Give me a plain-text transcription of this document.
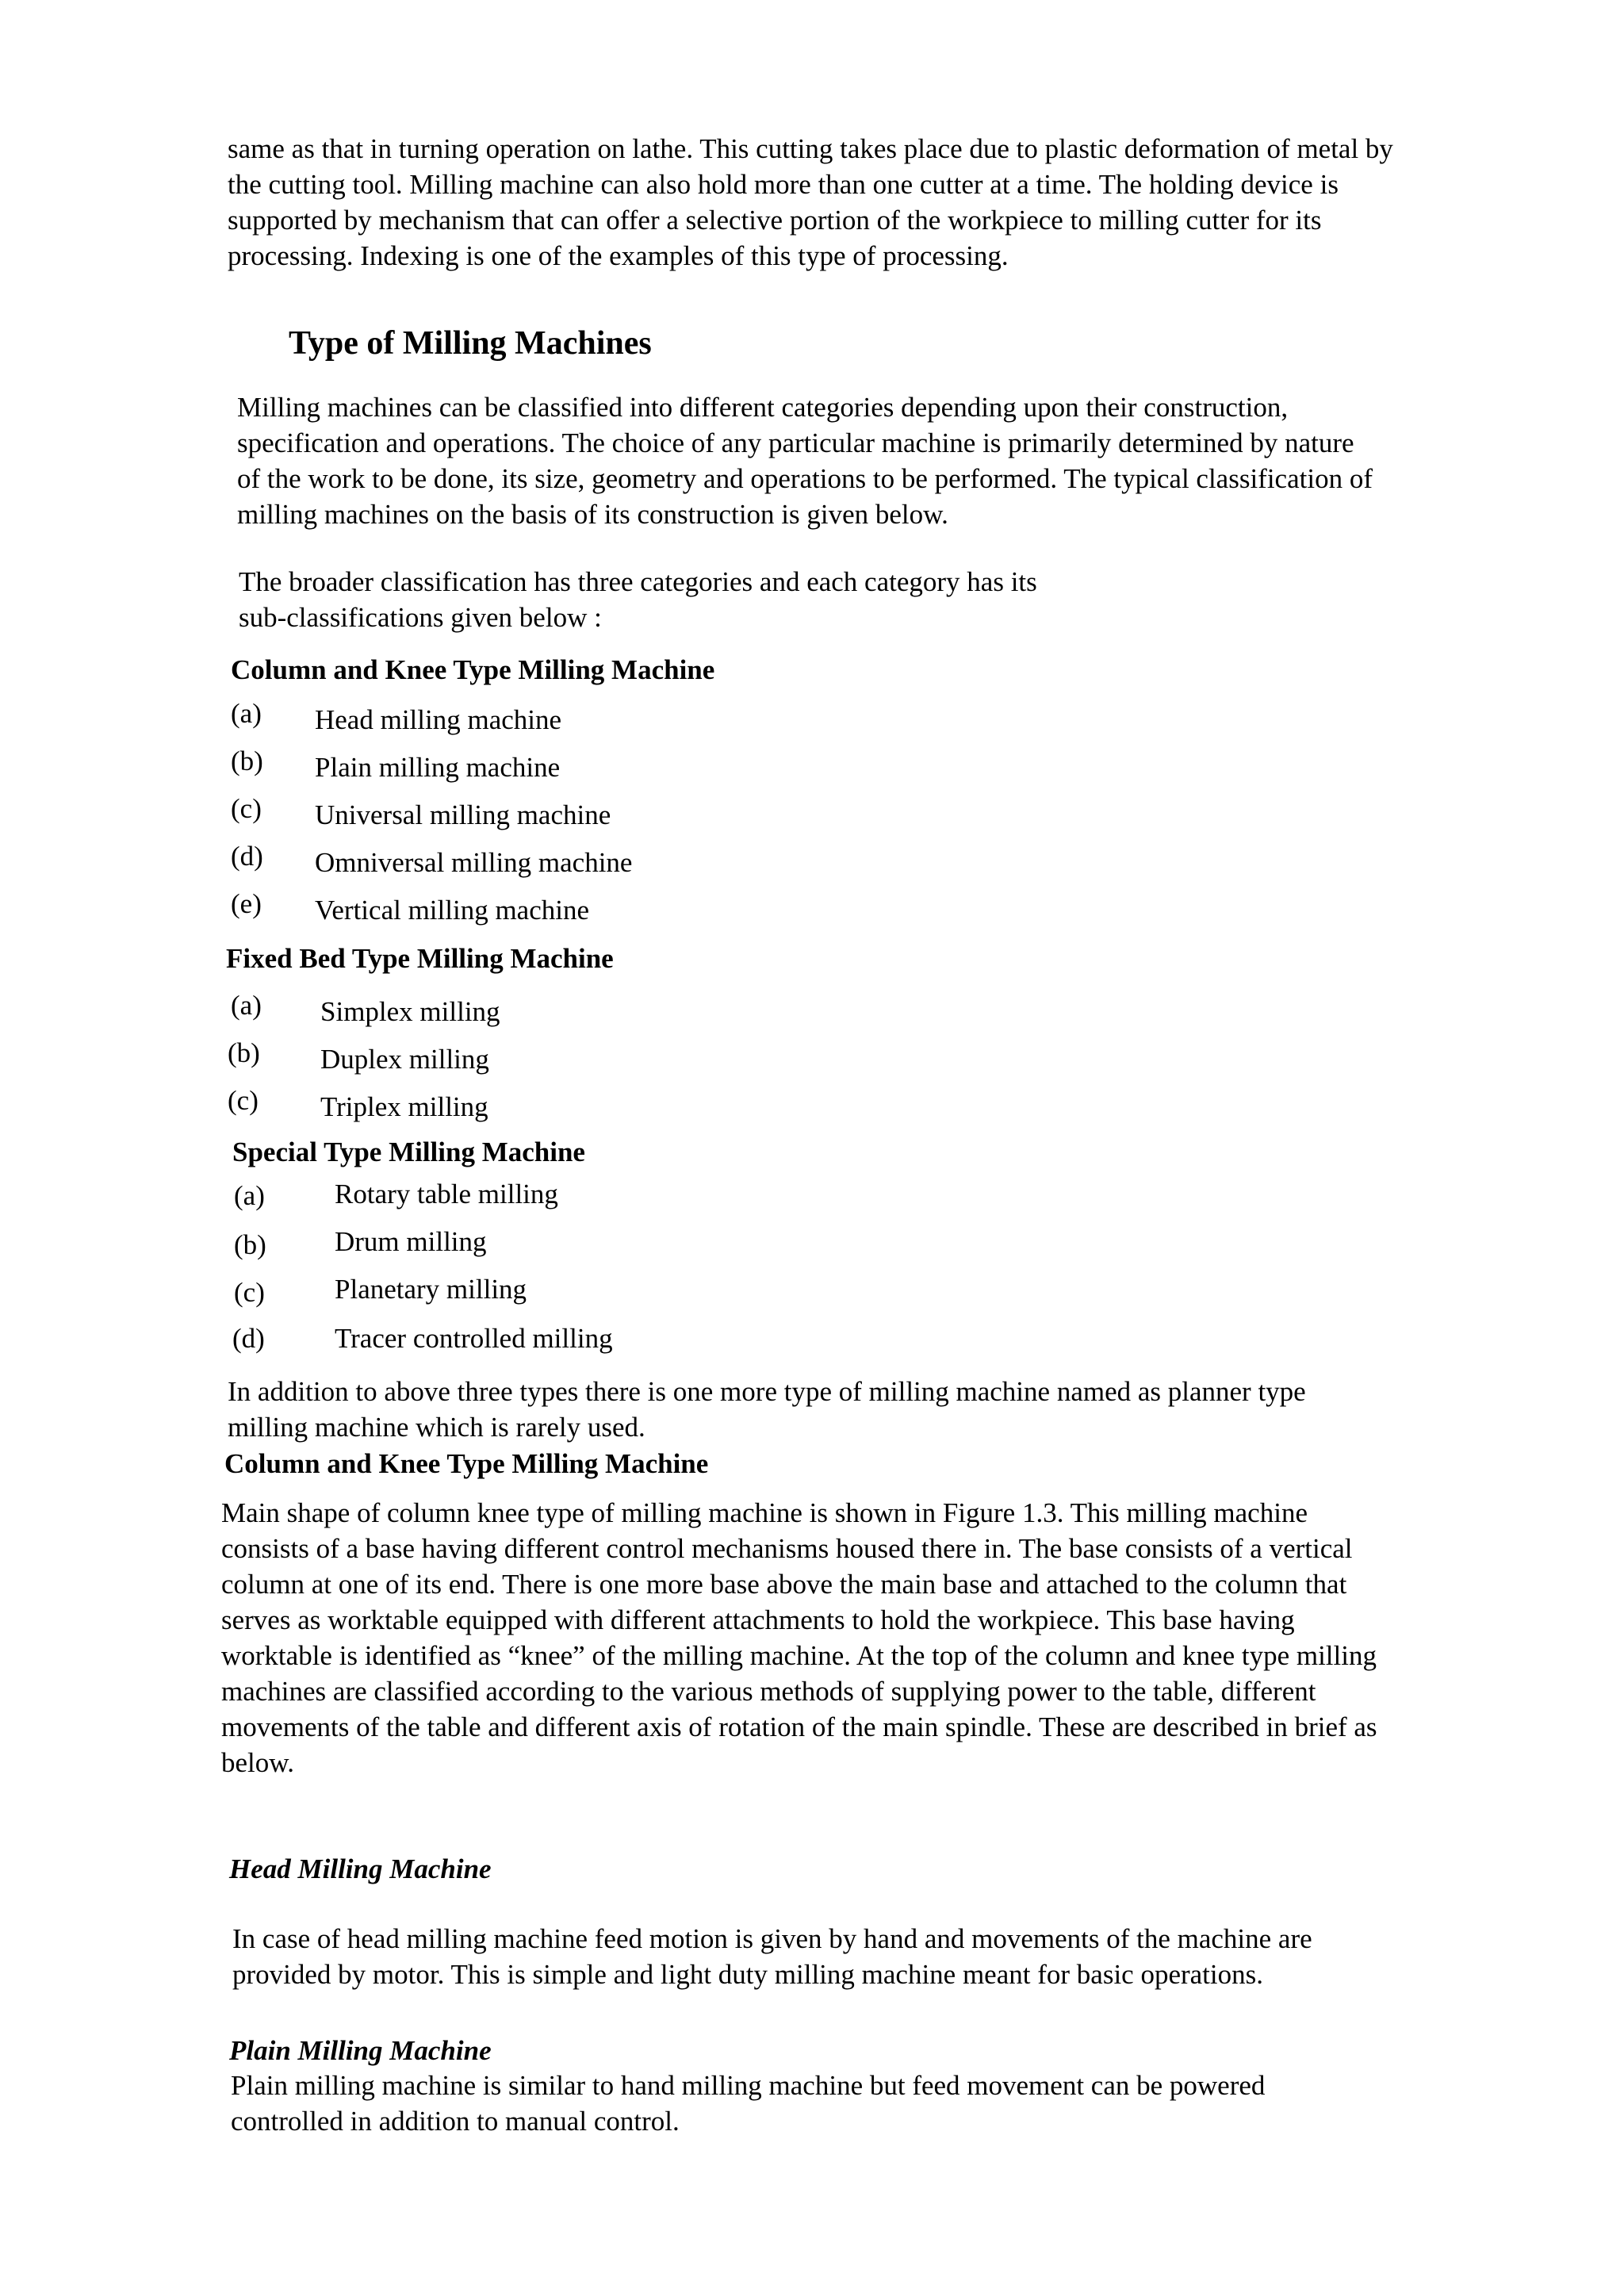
same as that in turning operation on lathe. This cutting takes place due to plastic deformation of metal by
the cutting tool. Milling machine can also hold more than one cutter at a time. The holding device is
supported by mechanism that can offer a selective portion of the workpiece to milling cutter for its
processing. Indexing is one of the examples of this type of processing.

Type of Milling Machines

Milling machines can be classified into different categories depending upon their construction,
specification and operations. The choice of any particular machine is primarily determined by nature
of the work to be done, its size, geometry and operations to be performed. The typical classification of
milling machines on the basis of its construction is given below.

The broader classification has three categories and each category has its
sub-classifications given below :

Column and Knee Type Milling Machine
(a) Head milling machine
(b) Plain milling machine
(c) Universal milling machine
(d) Omniversal milling machine
(e) Vertical milling machine
Fixed Bed Type Milling Machine
(a) Simplex milling
(b) Duplex milling
(c) Triplex milling
Special Type Milling Machine
(a)	Rotary table milling
(b) Drum milling
(c)	Planetary milling
(d)	Tracer controlled milling

In addition to above three types there is one more type of milling machine named as planner type
milling machine which is rarely used.

Column and Knee Type Milling Machine

Main shape of column knee type of milling machine is shown in Figure 1.3. This milling machine
consists of a base having different control mechanisms housed there in. The base consists of a vertical
column at one of its end. There is one more base above the main base and attached to the column that
serves as worktable equipped with different attachments to hold the workpiece. This base having
worktable is identified as “knee” of the milling machine. At the top of the column and knee type milling
machines are classified according to the various methods of supplying power to the table, different
movements of the table and different axis of rotation of the main spindle. These are described in brief as
below.

Head Milling Machine

In case of head milling machine feed motion is given by hand and movements of the machine are
provided by motor. This is simple and light duty milling machine meant for basic operations.

Plain Milling Machine

Plain milling machine is similar to hand milling machine but feed movement can be powered
controlled in addition to manual control.
